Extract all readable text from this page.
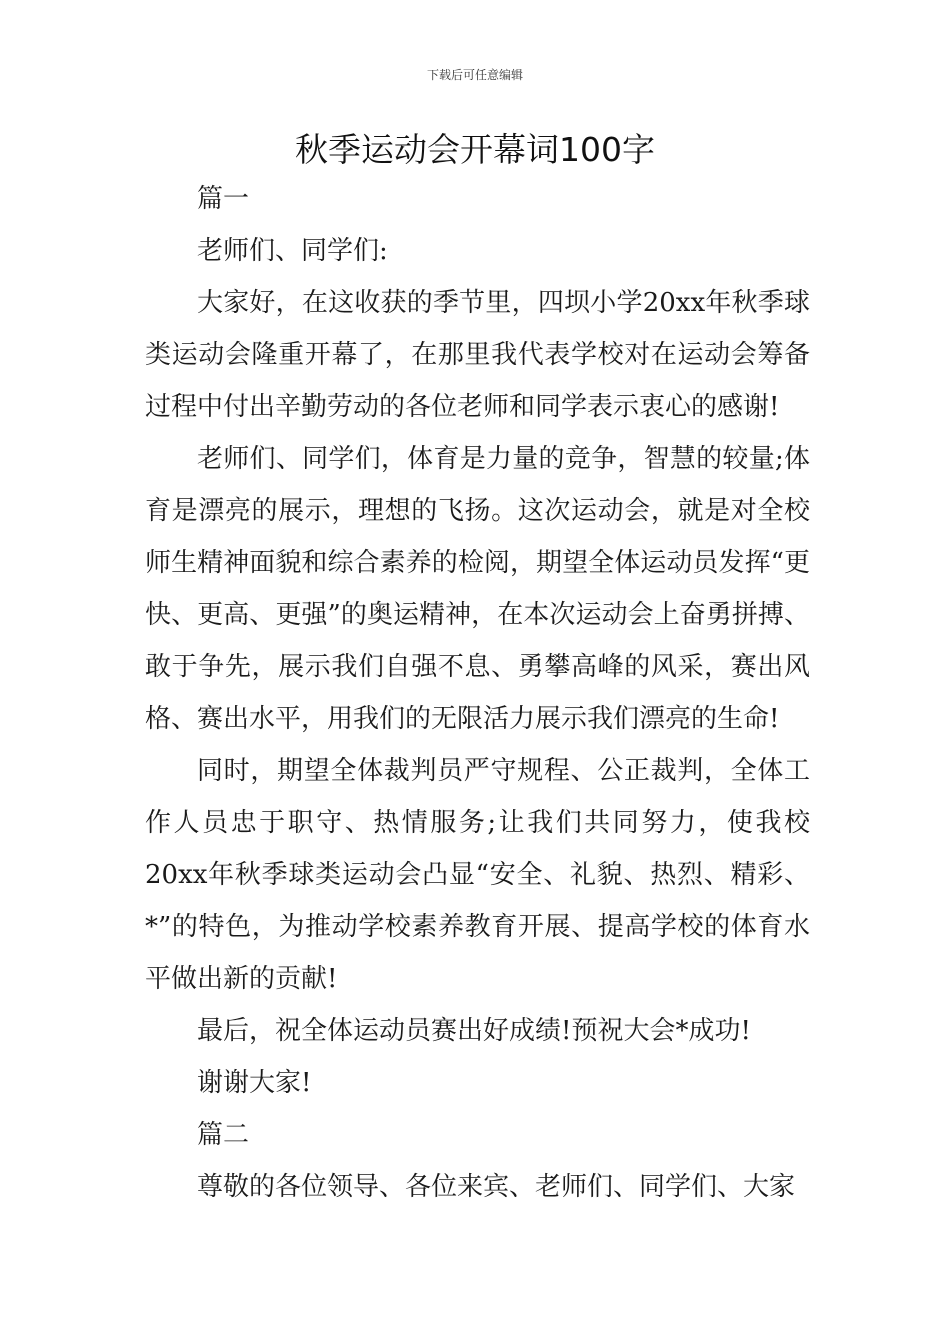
下载后可任意编辑
秋季运动会开幕词100字

篇一

老师们、同学们:

大家好，在这收获的季节里，四坝小学20xx年秋季球类运动会隆重开幕了，在那里我代表学校对在运动会筹备过程中付出辛勤劳动的各位老师和同学表示衷心的感谢!

老师们、同学们，体育是力量的竞争，智慧的较量;体育是漂亮的展示，理想的飞扬。这次运动会，就是对全校师生精神面貌和综合素养的检阅，期望全体运动员发挥“更快、更高、更强”的奥运精神，在本次运动会上奋勇拼搏、敢于争先，展示我们自强不息、勇攀高峰的风采，赛出风格、赛出水平，用我们的无限活力展示我们漂亮的生命!

同时，期望全体裁判员严守规程、公正裁判，全体工作人员忠于职守、热情服务;让我们共同努力，使我校20xx年秋季球类运动会凸显“安全、礼貌、热烈、精彩、*”的特色，为推动学校素养教育开展、提高学校的体育水平做出新的贡献!

最后，祝全体运动员赛出好成绩!预祝大会*成功!

谢谢大家!

篇二

尊敬的各位领导、各位来宾、老师们、同学们、大家
